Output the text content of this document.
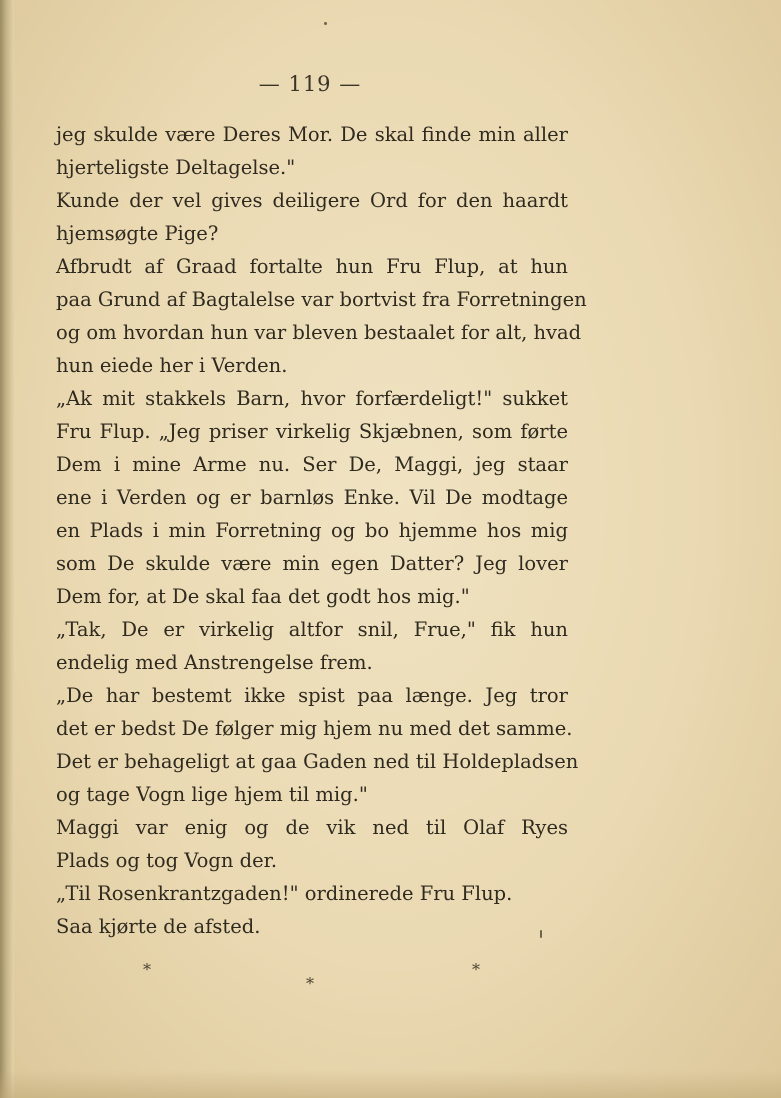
— 119 —
jeg skulde være Deres Mor. De skal finde min aller
hjerteligste Deltagelse."
Kunde der vel gives deiligere Ord for den haardt
hjemsøgte Pige?
Afbrudt af Graad fortalte hun Fru Flup, at hun
paa Grund af Bagtalelse var bortvist fra Forretningen
og om hvordan hun var bleven bestaalet for alt, hvad
hun eiede her i Verden.
„Ak mit stakkels Barn, hvor forfærdeligt!" sukket
Fru Flup. „Jeg priser virkelig Skjæbnen, som førte
Dem i mine Arme nu. Ser De, Maggi, jeg staar
ene i Verden og er barnløs Enke. Vil De modtage
en Plads i min Forretning og bo hjemme hos mig
som De skulde være min egen Datter? Jeg lover
Dem for, at De skal faa det godt hos mig."
„Tak, De er virkelig altfor snil, Frue," fik hun
endelig med Anstrengelse frem.
„De har bestemt ikke spist paa længe. Jeg tror
det er bedst De følger mig hjem nu med det samme.
Det er behageligt at gaa Gaden ned til Holdepladsen
og tage Vogn lige hjem til mig."
Maggi var enig og de vik ned til Olaf Ryes
Plads og tog Vogn der.
„Til Rosenkrantzgaden!" ordinerede Fru Flup.
Saa kjørte de afsted.
*
*
*
